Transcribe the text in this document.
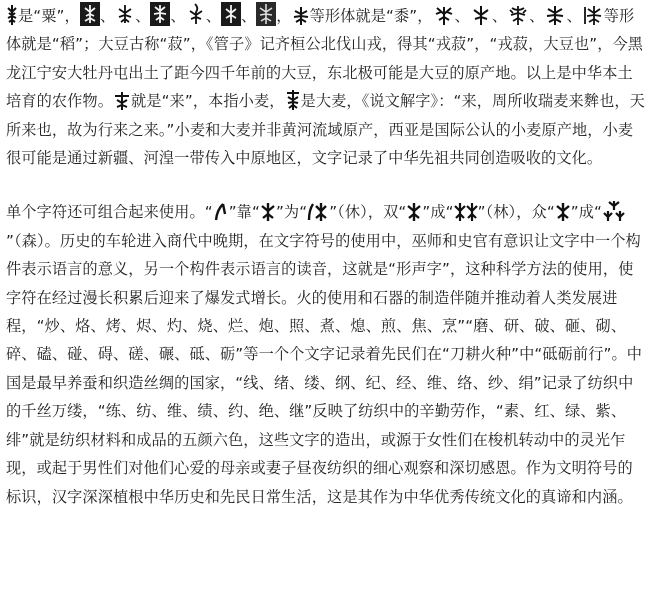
是“粟”， 、 、 、 、 、 ， 等形体就是“黍”， 、 、 、 、 等形体就是“稻”；大豆古称“菽”，《管子》记齐桓公北伐山戎，得其“戎菽”，“戎菽，大豆也”，今黑龙江宁安大牡丹屯出土了距今四千年前的大豆，东北极可能是大豆的原产地。以上是中华本土培育的农作物。 就是“来”，本指小麦， 是大麦，《说文解字》：“来，周所收瑞麦来麰也，天所来也，故为行来之来。”小麦和大麦并非黄河流域原产，西亚是国际公认的小麦原产地，小麦很可能是通过新疆、河湟一带传入中原地区，文字记录了中华先祖共同创造吸收的文化。

单个字符还可组合起来使用。“ ”靠“ ”为“ ”（休），双“ ”成“ ”（林），众“ ”成“
”（森）。历史的车轮进入商代中晚期，在文字符号的使用中，巫师和史官有意识让文字中一个构件表示语言的意义，另一个构件表示语言的读音，这就是“形声字”，这种科学方法的使用，使字符在经过漫长积累后迎来了爆发式增长。火的使用和石器的制造伴随并推动着人类发展进程，“炒、烙、烤、烬、灼、烧、烂、炮、照、煮、熄、煎、焦、烹”“磨、研、破、砸、砌、碎、磕、碰、碍、磋、碾、砥、砺”等一个个文字记录着先民们在“刀耕火种”中“砥砺前行”。中国是最早养蚕和织造丝绸的国家，“线、绪、缕、纲、纪、经、维、络、纱、绢”记录了纺织中的千丝万缕，“练、纺、维、绩、约、绝、继”反映了纺织中的辛勤劳作，“素、红、绿、紫、绯”就是纺织材料和成品的五颜六色，这些文字的造出，或源于女性们在梭机转动中的灵光乍现，或起于男性们对他们心爱的母亲或妻子昼夜纺织的细心观察和深切感恩。作为文明符号的标识，汉字深深植根中华历史和先民日常生活，这是其作为中华优秀传统文化的真谛和内涵。
